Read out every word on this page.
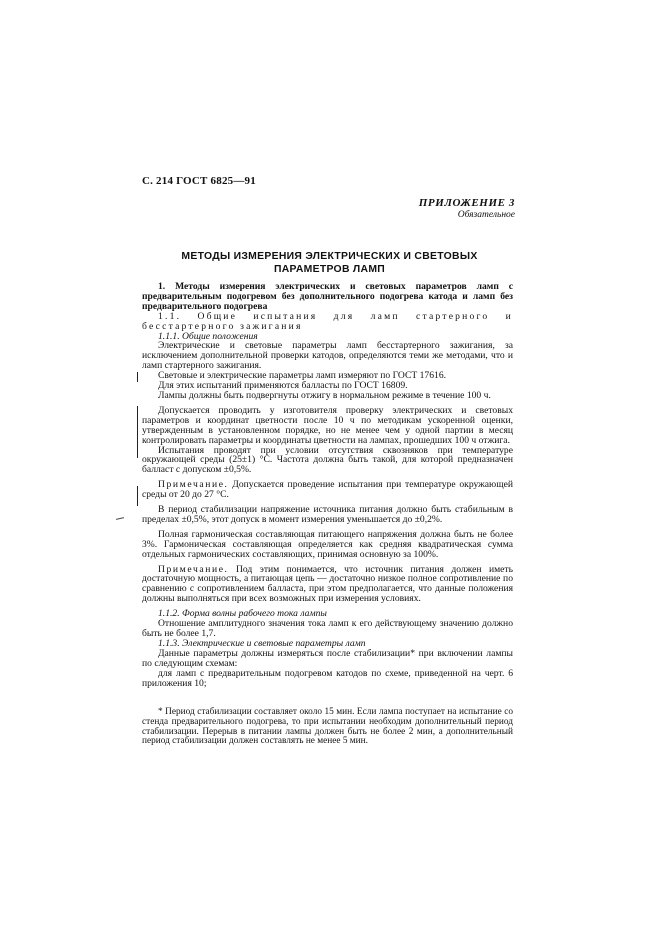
С. 214 ГОСТ 6825—91
ПРИЛОЖЕНИЕ 3
Обязательное
МЕТОДЫ ИЗМЕРЕНИЯ ЭЛЕКТРИЧЕСКИХ И СВЕТОВЫХ
ПАРАМЕТРОВ ЛАМП

1. Методы измерения электрических и световых параметров ламп с предварительным подогревом без дополнительного подогрева катода и ламп без предварительного подогрева

1.1. Общие испытания для ламп стартерного и бесстартерного зажигания

1.1.1. Общие положения

Электрические и световые параметры ламп бесстартерного зажигания, за исключением дополнительной проверки катодов, определяются теми же методами, что и ламп стартерного зажигания.

Световые и электрические параметры ламп измеряют по ГОСТ 17616.

Для этих испытаний применяются балласты по ГОСТ 16809.

Лампы должны быть подвергнуты отжигу в нормальном режиме в течение 100 ч.

Допускается проводить у изготовителя проверку электрических и световых параметров и координат цветности после 10 ч по методикам ускоренной оценки, утвержденным в установленном порядке, но не менее чем у одной партии в месяц контролировать параметры и координаты цветности на лампах, прошедших 100 ч отжига.

Испытания проводят при условии отсутствия сквозняков при температуре окружающей среды (25±1) °С. Частота должна быть такой, для которой предназначен балласт с допуском ±0,5%.

Примечание. Допускается проведение испытания при температуре окружающей среды от 20 до 27 °С.

В период стабилизации напряжение источника питания должно быть стабильным в пределах ±0,5%, этот допуск в момент измерения уменьшается до ±0,2%.

Полная гармоническая составляющая питающего напряжения должна быть не более 3%. Гармоническая составляющая определяется как средняя квадратическая сумма отдельных гармонических составляющих, принимая основную за 100%.

Примечание. Под этим понимается, что источник питания должен иметь достаточную мощность, а питающая цепь — достаточно низкое полное сопротивление по сравнению с сопротивлением балласта, при этом предполагается, что данные положения должны выполняться при всех возможных при измерения условиях.

1.1.2. Форма волны рабочего тока лампы

Отношение амплитудного значения тока ламп к его действующему значению должно быть не более 1,7.

1.1.3. Электрические и световые параметры ламп

Данные параметры должны измеряться после стабилизации* при включении лампы по следующим схемам:

для ламп с предварительным подогревом катодов по схеме, приведенной на черт. 6 приложения 10;

* Период стабилизации составляет около 15 мин. Если лампа поступает на испытание со стенда предварительного подогрева, то при испытании необходим дополнительный период стабилизации. Перерыв в питании лампы должен быть не более 2 мин, а дополнительный период стабилизации должен составлять не менее 5 мин.
